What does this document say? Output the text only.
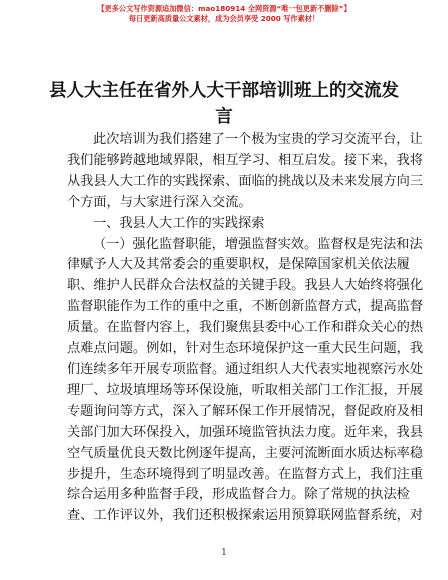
【更多公文写作资源追加微信：mao180914 全网资源“唯一包更新不删除”】
每日更新高质量公文素材，成为会员享受 2000 写作素材！
县人大主任在省外人大干部培训班上的交流发
言
此次培训为我们搭建了一个极为宝贵的学习交流平台，让
我们能够跨越地域界限，相互学习、相互启发。接下来，我将
从我县人大工作的实践探索、面临的挑战以及未来发展方向三
个方面，与大家进行深入交流。
一、我县人大工作的实践探索
（一）强化监督职能，增强监督实效。监督权是宪法和法
律赋予人大及其常委会的重要职权，是保障国家机关依法履
职、维护人民群众合法权益的关键手段。我县人大始终将强化
监督职能作为工作的重中之重，不断创新监督方式，提高监督
质量。在监督内容上，我们聚焦县委中心工作和群众关心的热
点难点问题。例如，针对生态环境保护这一重大民生问题，我
们连续多年开展专项监督。通过组织人大代表实地视察污水处
理厂、垃圾填埋场等环保设施，听取相关部门工作汇报，开展
专题询问等方式，深入了解环保工作开展情况，督促政府及相
关部门加大环保投入，加强环境监管执法力度。近年来，我县
空气质量优良天数比例逐年提高，主要河流断面水质达标率稳
步提升，生态环境得到了明显改善。在监督方式上，我们注重
综合运用多种监督手段，形成监督合力。除了常规的执法检
查、工作评议外，我们还积极探索运用预算联网监督系统，对
1
